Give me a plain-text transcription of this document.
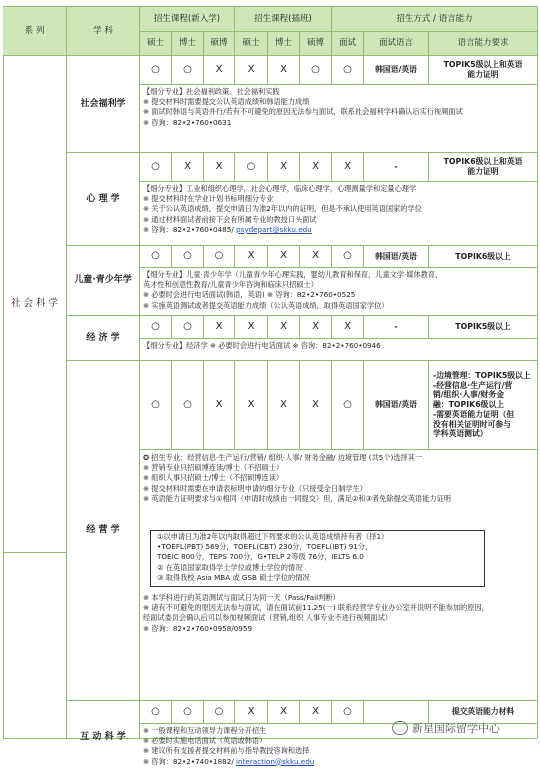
系 列	学 科
招生课程(新入学)	招生课程(插班)	招生方式 / 语言能力
硕士	博士	硕博	硕士	博士	硕博	面试	面试语言	语言能力要求
社 会 科 学
社会福利学
○	○	X	X	X	○	○	韩国语/英语
TOPIK5级以上和英语
能力证明
【细分专业】社会福利政策、社会福利实践
※ 提交材料时需要提交公认英语成绩和韩语能力成绩
※ 面试时韩语与英语并行/若有不可避免的原因无法参与面试，联系社会福利学科确认后实行视频面试
※ 咨询：82•2•760•0631
心 理 学
○	X	X	○	X	X	X	-
TOPIK6级以上和英语
能力证明
【细分专业】工业和组织心理学，社会心理学，临床心理学，心理测量学和定量心理学
※ 提交材料时在学业计划书标明细分专业
※ 关于公认英语成绩，提交申请日为准2年以内的证明，但是不承认使用英语国家的学位
※ 通过材料面试者前接下会有所属专业的教授口头面试
※ 咨询：82•2•760•0485/ psydepart@skku.edu
儿童·青少年学
○	○	○	X	X	X	○	韩国语/英语	TOPIK6级以上
【细分专业】儿童·青少年学（儿童青少年心理实践，婴幼儿教育和保育，儿童文学·媒体教育，
英才性和创意性教育/儿童青少年咨询和临床只招硕士）
※ 必要时会进行电话面试(韩语，英语) ※ 咨询：82•2•760•0525
※ 实施英语测试或者提交英语能力成绩（公认英语成绩，取得英语国家学位）
经 济 学
○	○	X	X	X	X	X	-	TOPIK5级以上
【细分专业】经济学 ※ 必要时会进行电话面试 ※ 咨询：82•2•760•0946
经 营 学
○	○	X	X	X	X	○	韩国语/英语
-边境管理：TOPIK5级以上
-经营信息·生产运行/营
销/组织·人事/财务金
融：TOPIK6级以上
-需要英语能力证明（但
没有相关证明时可参与
学科英语测试）
✪ 招生专业：经营信息·生产运行/营销/ 组织·人事/ 财务金融/ 边境管理 (共5个)选择其一
※ 营销专业只招硕博连读/博士（不招硕士）
※ 组织人事只招硕士/博士（不招硕博连读）
※ 提交材料时需要在申请表标明申请的细分专业（只接受全日制学生）
※ 英语能力证明要求与①相同（申请时成绩由一同提交）但，满足②和③者免除提交英语能力证明
①以申请日为准2年以内取得超过下列要求的公认英语成绩持有者（择1）
•TOEFL(PBT) 569分，TOEFL(CBT) 230分，TOEFL(IBT) 91分，
TOEIC 800分，TEPS 700分，G•TELP 2等级 76分，IELTS 6.0
② 在英语国家取得学士学位或博士学位的情况
③ 取得我校 Asia MBA 或 GSB 硕士学位的情况
※ 本学科进行的英语测试与面试日为同一天（Pass/Fail判断）
※ 诸有不可避免的原因无法参与面试，请在面试前11.25(一) 联系经营学专业办公室并说明不能参加的原因，
经面试委员会确认后可以参加视频面试（营销,组织 人事专业不进行视频面试）
※ 咨询：82•2•760•0958/0959
互 动 科 学
○	○	○	X	X	X	○	提交英语能力材料
※ 一般课程和互动领导力课程分开招生
※ 必要时实施电话面试（英语或韩语）
※ 建议所有支援者提交材料前与指导教授咨询和选择
※ 咨询：82•2•740•1882/ interaction@skku.edu
新星国际留学中心
